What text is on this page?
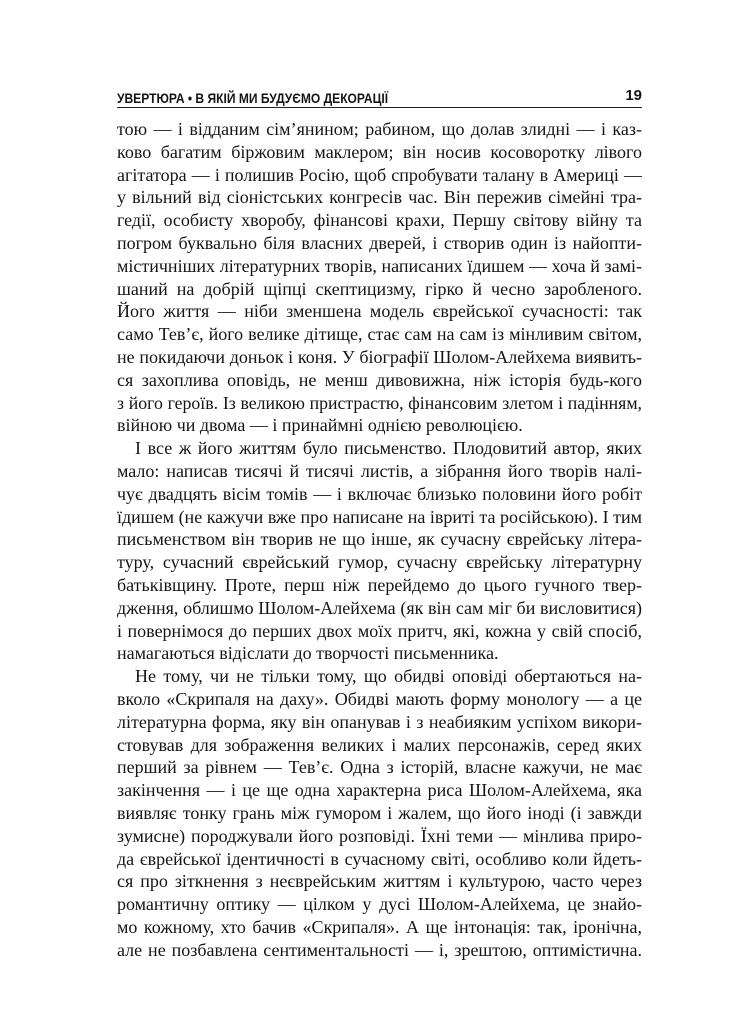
УВЕРТЮРА • В ЯКІЙ МИ БУДУЄМО ДЕКОРАЦІЇ	19
тою — і відданим сім’янином; рабином, що долав злидні — і каз-
ково багатим біржовим маклером; він носив косоворотку лівого
агітатора — і полишив Росію, щоб спробувати талану в Америці —
у вільний від сіоністських конгресів час. Він пережив сімейні тра-
гедії, особисту хворобу, фінансові крахи, Першу світову війну та
погром буквально біля власних дверей, і створив один із найопти-
містичніших літературних творів, написаних їдишем — хоча й замі-
шаний на добрій щіпці скептицизму, гірко й чесно заробленого.
Його життя — ніби зменшена модель єврейської сучасності: так
само Тев’є, його велике дітище, стає сам на сам із мінливим світом,
не покидаючи доньок і коня. У біографії Шолом-Алейхема виявить-
ся захоплива оповідь, не менш дивовижна, ніж історія будь-кого
з його героїв. Із великою пристрастю, фінансовим злетом і падінням,
війною чи двома — і принаймні однією революцією.
І все ж його життям було письменство. Плодовитий автор, яких
мало: написав тисячі й тисячі листів, а зібрання його творів налі-
чує двадцять вісім томів — і включає близько половини його робіт
їдишем (не кажучи вже про написане на івриті та російською). І тим
письменством він творив не що інше, як сучасну єврейську літера-
туру, сучасний єврейський гумор, сучасну єврейську літературну
батьківщину. Проте, перш ніж перейдемо до цього гучного твер-
дження, облишмо Шолом-Алейхема (як він сам міг би висловитися)
і повернімося до перших двох моїх притч, які, кожна у свій спосіб,
намагаються відіслати до творчості письменника.
Не тому, чи не тільки тому, що обидві оповіді обертаються на-
вколо «Скрипаля на даху». Обидві мають форму монологу — а це
літературна форма, яку він опанував і з неабияким успіхом викори-
стовував для зображення великих і малих персонажів, серед яких
перший за рівнем — Тев’є. Одна з історій, власне кажучи, не має
закінчення — і це ще одна характерна риса Шолом-Алейхема, яка
виявляє тонку грань між гумором і жалем, що його іноді (і завжди
зумисне) породжували його розповіді. Їхні теми — мінлива приро-
да єврейської ідентичності в сучасному світі, особливо коли йдеть-
ся про зіткнення з неєврейським життям і культурою, часто через
романтичну оптику — цілком у дусі Шолом-Алейхема, це знайо-
мо кожному, хто бачив «Скрипаля». А ще інтонація: так, іронічна,
але не позбавлена сентиментальності — і, зрештою, оптимістична.
